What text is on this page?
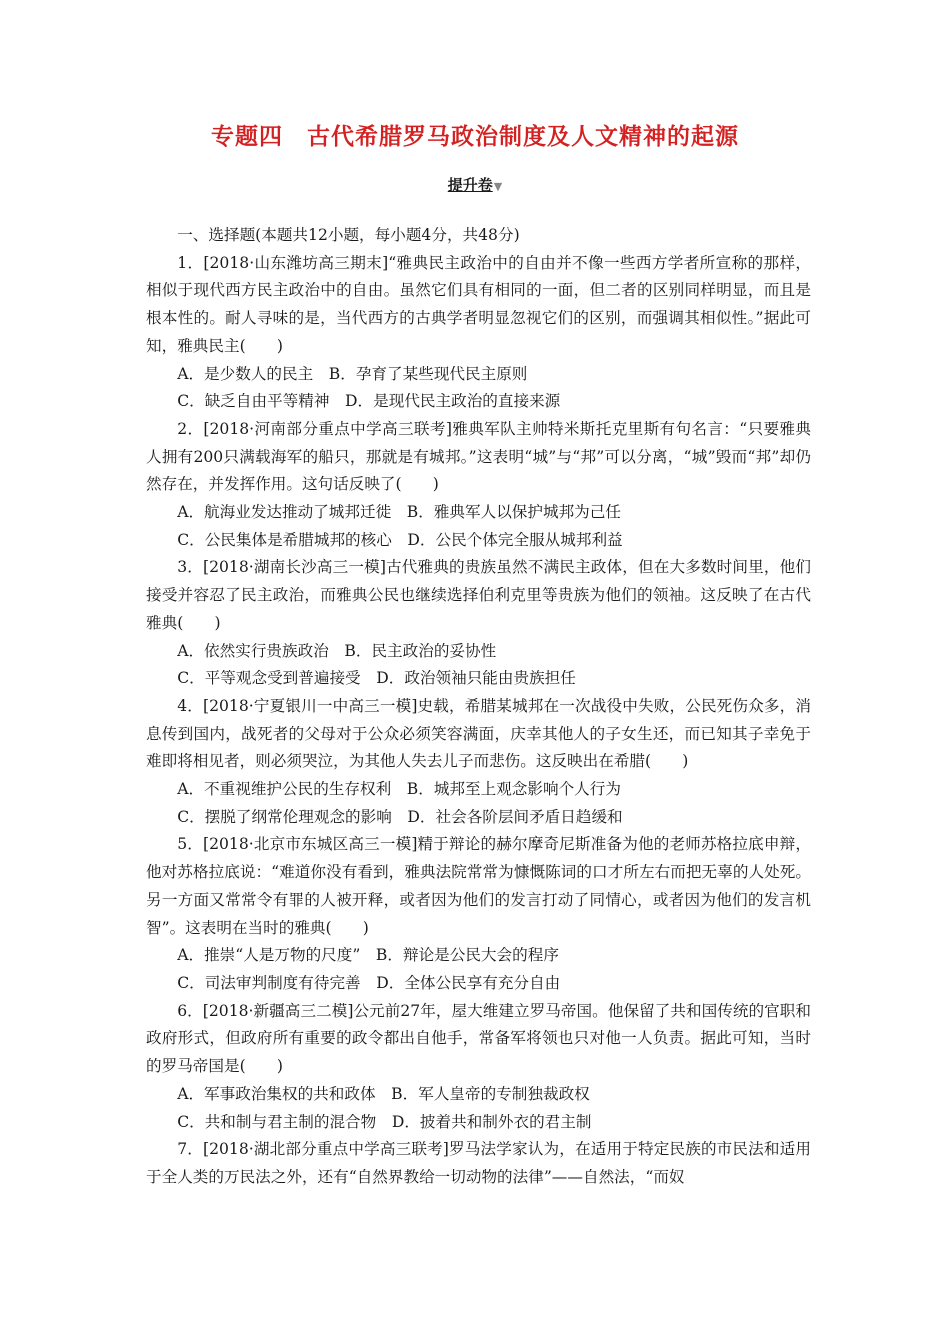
专题四　古代希腊罗马政治制度及人文精神的起源
提升卷▼
一、选择题(本题共12小题，每小题4分，共48分)
1．[2018·山东潍坊高三期末]“雅典民主政治中的自由并不像一些西方学者所宣称的那样，相似于现代西方民主政治中的自由。虽然它们具有相同的一面，但二者的区别同样明显，而且是根本性的。耐人寻味的是，当代西方的古典学者明显忽视它们的区别，而强调其相似性。”据此可知，雅典民主(　　)
A．是少数人的民主　B．孕育了某些现代民主原则
C．缺乏自由平等精神　D．是现代民主政治的直接来源
2．[2018·河南部分重点中学高三联考]雅典军队主帅特米斯托克里斯有句名言：“只要雅典人拥有200只满载海军的船只，那就是有城邦。”这表明“城”与“邦”可以分离，“城”毁而“邦”却仍然存在，并发挥作用。这句话反映了(　　)
A．航海业发达推动了城邦迁徙　B．雅典军人以保护城邦为己任
C．公民集体是希腊城邦的核心　D．公民个体完全服从城邦利益
3．[2018·湖南长沙高三一模]古代雅典的贵族虽然不满民主政体，但在大多数时间里，他们接受并容忍了民主政治，而雅典公民也继续选择伯利克里等贵族为他们的领袖。这反映了在古代雅典(　　)
A．依然实行贵族政治　B．民主政治的妥协性
C．平等观念受到普遍接受　D．政治领袖只能由贵族担任
4．[2018·宁夏银川一中高三一模]史载，希腊某城邦在一次战役中失败，公民死伤众多，消息传到国内，战死者的父母对于公众必须笑容满面，庆幸其他人的子女生还，而已知其子幸免于难即将相见者，则必须哭泣，为其他人失去儿子而悲伤。这反映出在希腊(　　)
A．不重视维护公民的生存权利　B．城邦至上观念影响个人行为
C．摆脱了纲常伦理观念的影响　D．社会各阶层间矛盾日趋缓和
5．[2018·北京市东城区高三一模]精于辩论的赫尔摩奇尼斯准备为他的老师苏格拉底申辩，他对苏格拉底说：“难道你没有看到，雅典法院常常为慷慨陈词的口才所左右而把无辜的人处死。另一方面又常常令有罪的人被开释，或者因为他们的发言打动了同情心，或者因为他们的发言机智”。这表明在当时的雅典(　　)
A．推崇“人是万物的尺度”　B．辩论是公民大会的程序
C．司法审判制度有待完善　D．全体公民享有充分自由
6．[2018·新疆高三二模]公元前27年，屋大维建立罗马帝国。他保留了共和国传统的官职和政府形式，但政府所有重要的政令都出自他手，常备军将领也只对他一人负责。据此可知，当时的罗马帝国是(　　)
A．军事政治集权的共和政体　B．军人皇帝的专制独裁政权
C．共和制与君主制的混合物　D．披着共和制外衣的君主制
7．[2018·湖北部分重点中学高三联考]罗马法学家认为，在适用于特定民族的市民法和适用于全人类的万民法之外，还有“自然界教给一切动物的法律”——自然法，“而奴
